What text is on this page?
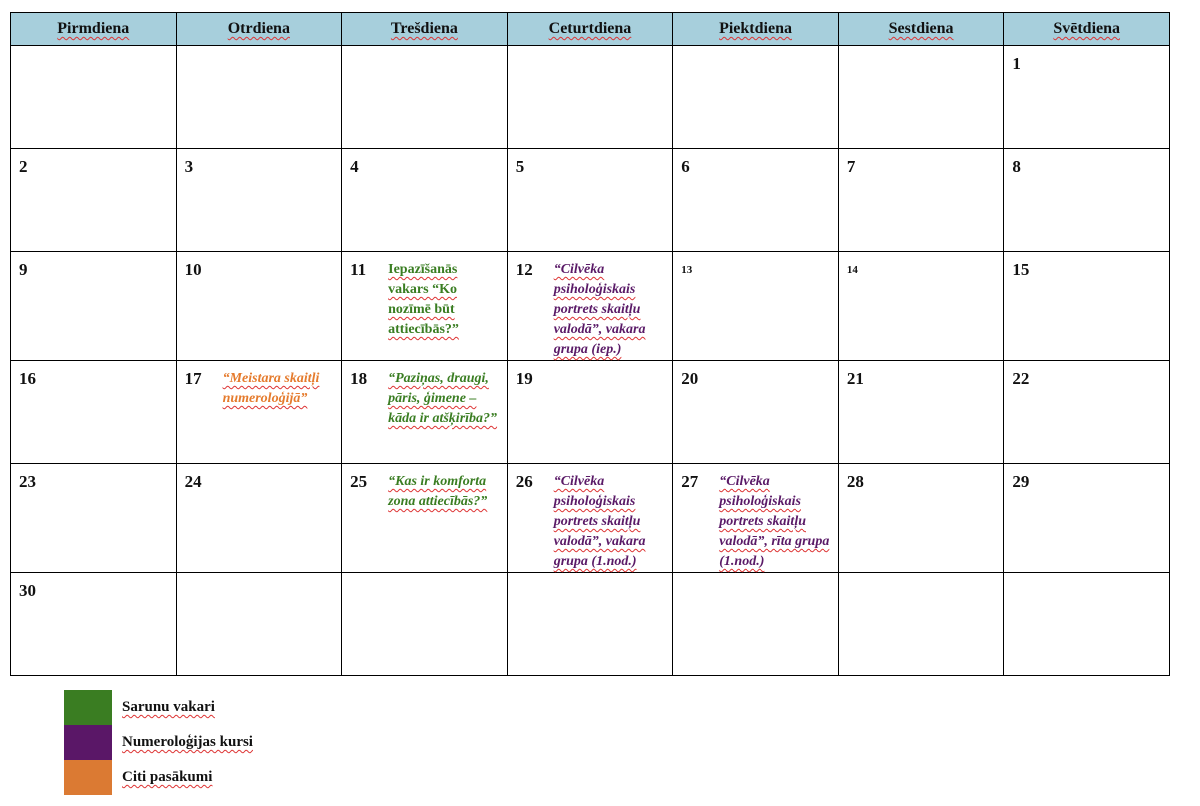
Pirmdiena	Otrdiena	Trešdiena	Ceturtdiena	Piektdiena	Sestdiena	Svētdiena

						1

2	3	4	5	6	7	8

9	10	11 Iepazīšanās vakars “Ko nozīmē būt attiecībās?”	12 “Cilvēka psiholoģiskais portrets skaitļu valodā”, vakara grupa (iep.)	13	14	15

16	17 “Meistara skaitļi numeroloģijā”	18 “Paziņas, draugi, pāris, ģimene – kāda ir atšķirība?”	19	20	21	22

23	24	25 “Kas ir komforta zona attiecībās?”	26 “Cilvēka psiholoģiskais portrets skaitļu valodā”, vakara grupa (1.nod.)	27 “Cilvēka psiholoģiskais portrets skaitļu valodā”, rīta grupa (1.nod.)	28	29

30						

Sarunu vakari
Numeroloģijas kursi
Citi pasākumi
